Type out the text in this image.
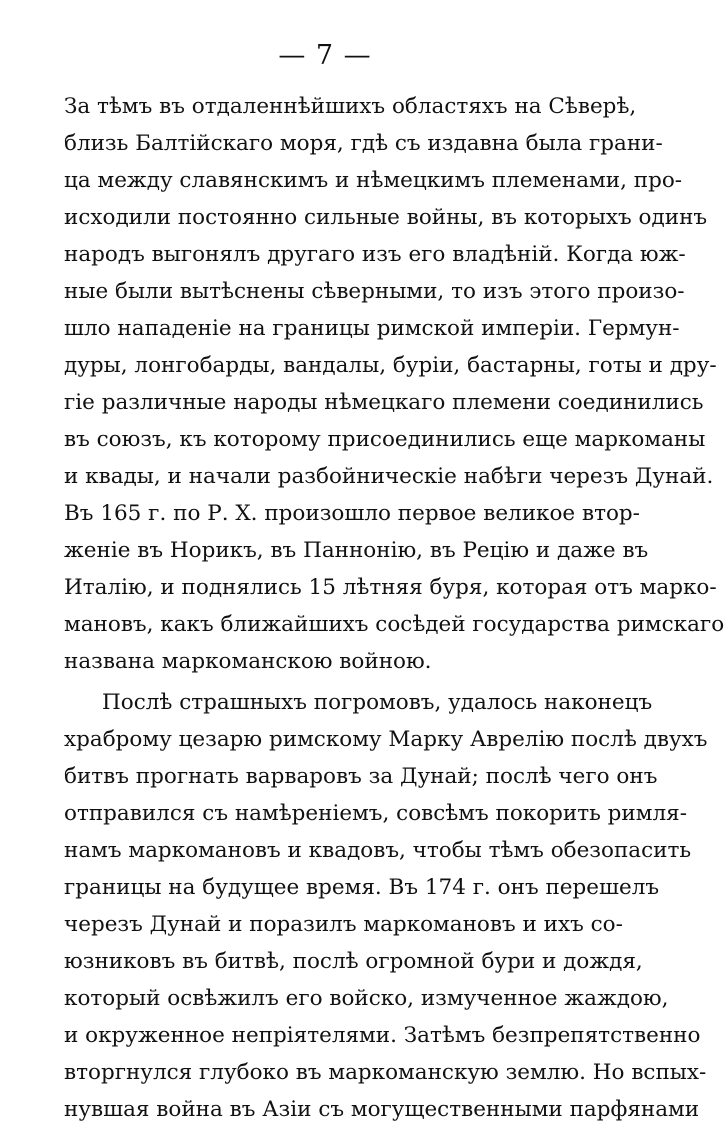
— 7 —

За тѣмъ въ отдаленнѣйшихъ областяхъ на Сѣверѣ,
близь Балтійскаго моря, гдѣ съ издавна была грани-
ца между славянскимъ и нѣмецкимъ племенами, про-
исходили постоянно сильные войны, въ которыхъ одинъ
народъ выгонялъ другаго изъ его владѣній. Когда юж-
ные были вытѣснены сѣверными, то изъ этого произо-
шло нападеніе на границы римской имперіи. Гермун-
дуры, лонгобарды, вандалы, буріи, бастарны, готы и дру-
гіе различные народы нѣмецкаго племени соединились
въ союзъ, къ которому присоединились еще маркоманы
и квады, и начали разбойническіе набѣги черезъ Дунай.
Въ 165 г. по Р. Х. произошло первое великое втор-
женіе въ Норикъ, въ Паннонію, въ Рецію и даже въ
Италію, и поднялись 15 лѣтняя буря, которая отъ марко-
мановъ, какъ ближайшихъ сосѣдей государства римскаго
названа маркоманскою войною.

Послѣ страшныхъ погромовъ, удалось наконецъ
храброму цезарю римскому Марку Аврелію послѣ двухъ
битвъ прогнать варваровъ за Дунай; послѣ чего онъ
отправился съ намѣреніемъ, совсѣмъ покорить римля-
намъ маркомановъ и квадовъ, чтобы тѣмъ обезопасить
границы на будущее время. Въ 174 г. онъ перешелъ
черезъ Дунай и поразилъ маркомановъ и ихъ со-
юзниковъ въ битвѣ, послѣ огромной бури и дождя,
который освѣжилъ его войско, измученное жаждою,
и окруженное непріятелями. Затѣмъ безпрепятственно
вторгнулся глубоко въ маркоманскую землю. Но вспых-
нувшая война въ Азіи съ могущественными парфянами
